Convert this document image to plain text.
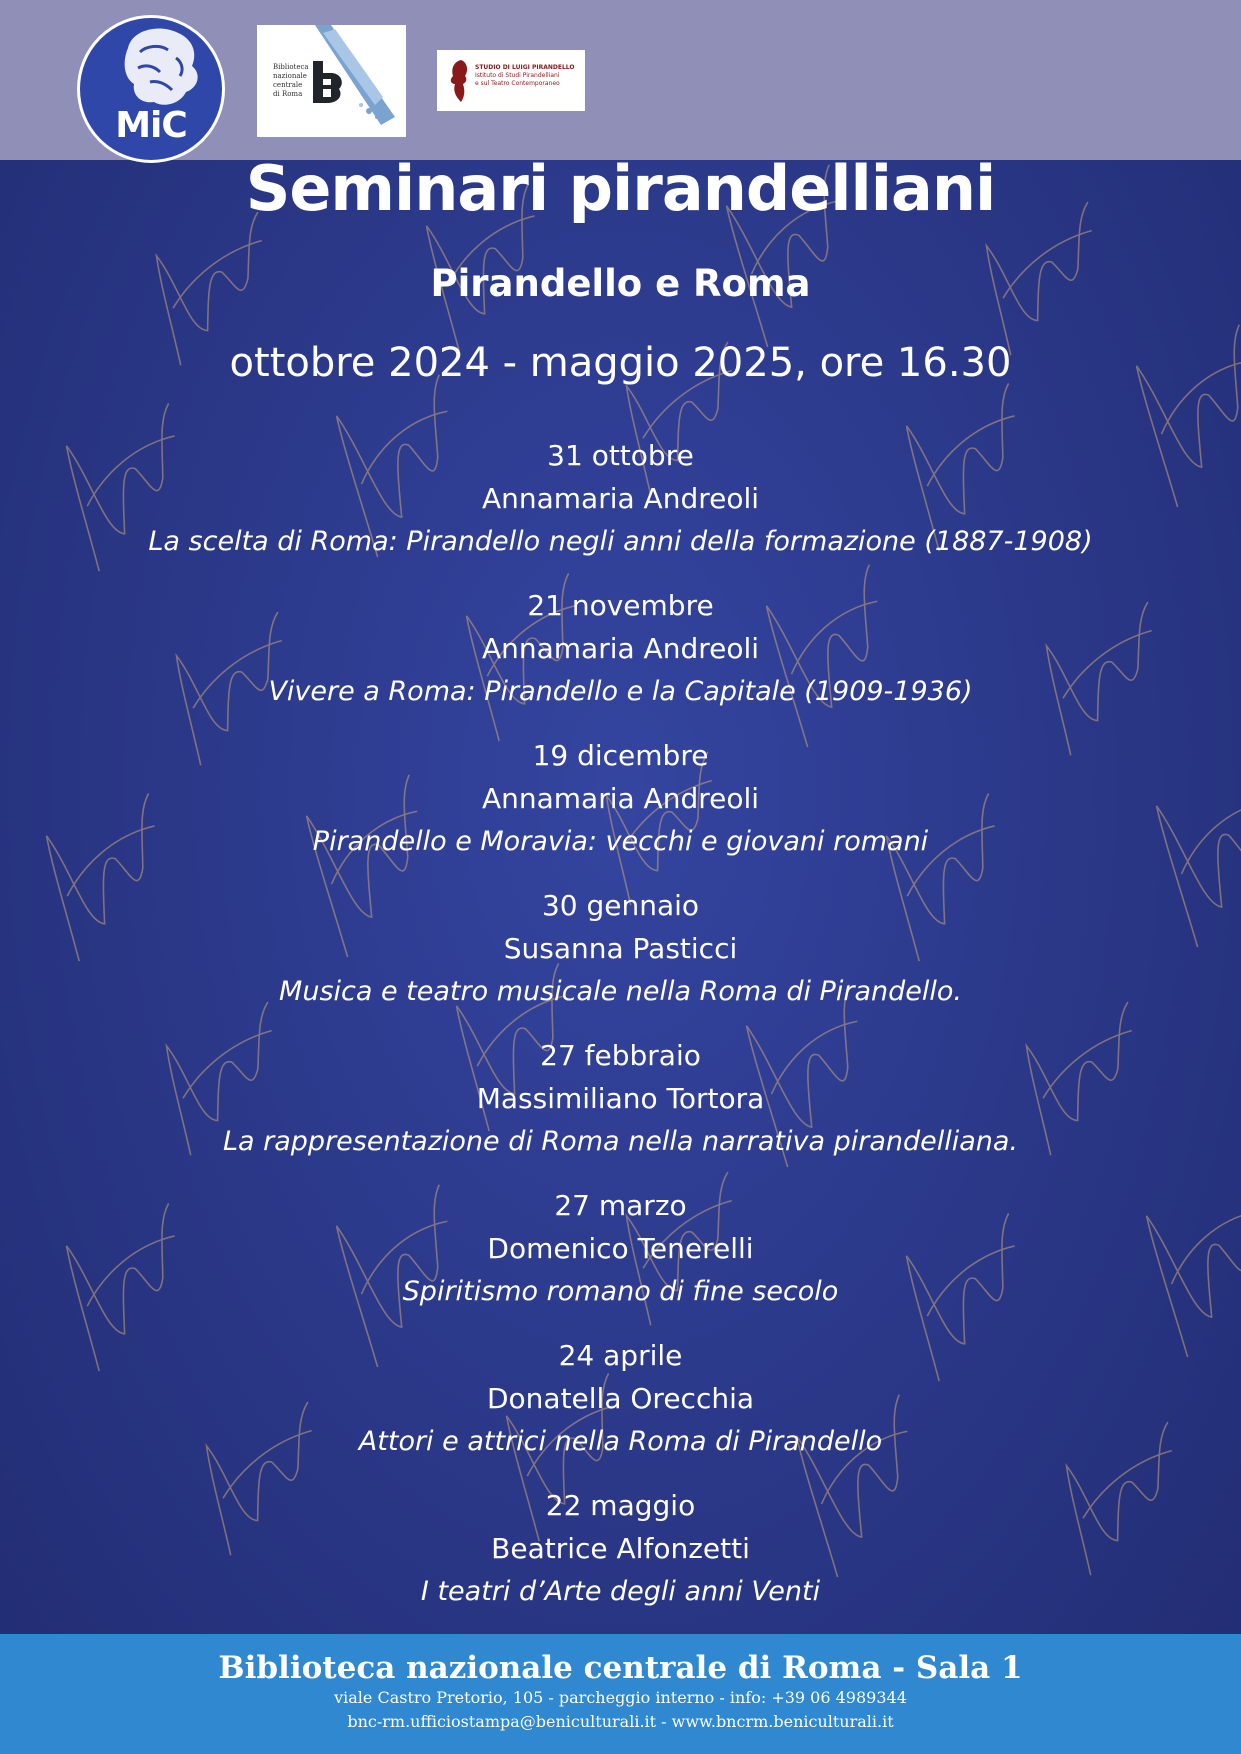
MiC
Biblioteca
nazionale
centrale
di Roma
STUDIO DI LUIGI PIRANDELLO
Istituto di Studi Pirandelliani
e sul Teatro Contemporaneo
Seminari pirandelliani
Pirandello e Roma
ottobre 2024 - maggio 2025, ore 16.30
31 ottobre
Annamaria Andreoli
La scelta di Roma: Pirandello negli anni della formazione (1887-1908)
21 novembre
Annamaria Andreoli
Vivere a Roma: Pirandello e la Capitale (1909-1936)
19 dicembre
Annamaria Andreoli
Pirandello e Moravia: vecchi e giovani romani
30 gennaio
Susanna Pasticci
Musica e teatro musicale nella Roma di Pirandello.
27 febbraio
Massimiliano Tortora
La rappresentazione di Roma nella narrativa pirandelliana.
27 marzo
Domenico Tenerelli
Spiritismo romano di fine secolo
24 aprile
Donatella Orecchia
Attori e attrici nella Roma di Pirandello
22 maggio
Beatrice Alfonzetti
I teatri d’Arte degli anni Venti
Biblioteca nazionale centrale di Roma - Sala 1
viale Castro Pretorio, 105 - parcheggio interno - info: +39 06 4989344
bnc-rm.ufficiostampa@beniculturali.it - www.bncrm.beniculturali.it
